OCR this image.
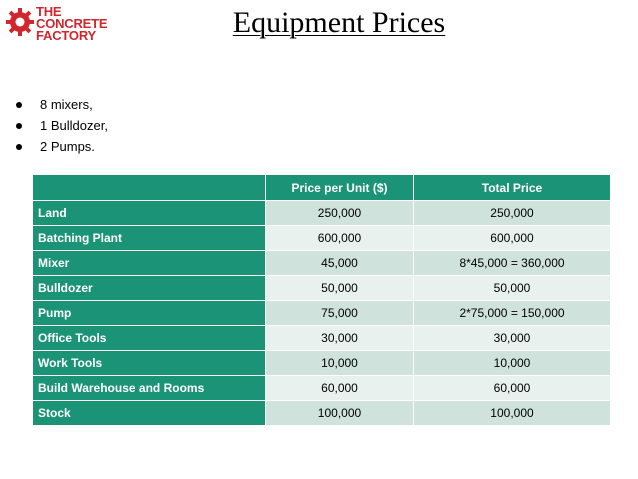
THE
CONCRETE
FACTORY	Equipment Prices
8 mixers,
1 Bulldozer,
2 Pumps.
	Price per Unit ($)	Total Price
Land	250,000	250,000
Batching Plant	600,000	600,000
Mixer	45,000	8*45,000 = 360,000
Bulldozer	50,000	50,000
Pump	75,000	2*75,000 = 150,000
Office Tools	30,000	30,000
Work Tools	10,000	10,000
Build Warehouse and Rooms	60,000	60,000
Stock	100,000	100,000
